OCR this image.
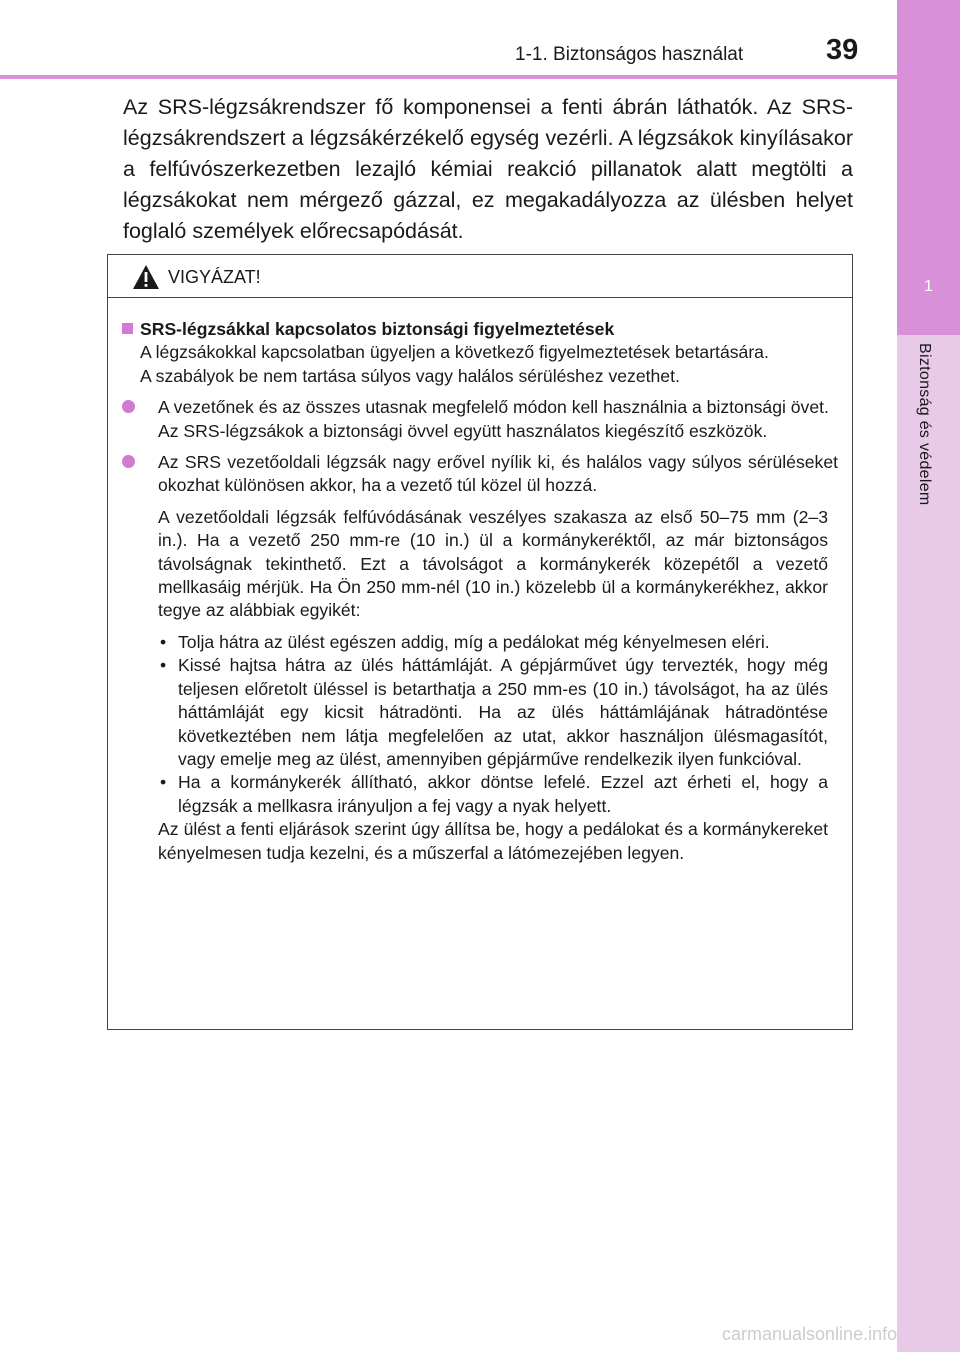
1
Biztonság és védelem
1-1. Biztonságos használat	39

Az SRS-légzsákrendszer fő komponensei a fenti ábrán láthatók. Az SRS-légzsákrendszert a légzsákérzékelő egység vezérli. A légzsákok kinyílásakor a felfúvószerkezetben lezajló kémiai reakció pillanatok alatt megtölti a légzsákokat nem mérgező gázzal, ez megakadályozza az ülésben helyet foglaló személyek előrecsapódását.

VIGYÁZAT!
SRS-légzsákkal kapcsolatos biztonsági figyelmeztetések

A légzsákokkal kapcsolatban ügyeljen a következő figyelmeztetések betartására.

A szabályok be nem tartása súlyos vagy halálos sérüléshez vezethet.

A vezetőnek és az összes utasnak megfelelő módon kell használnia a biztonsági övet.
Az SRS-légzsákok a biztonsági övvel együtt használatos kiegészítő eszközök.
Az SRS vezetőoldali légzsák nagy erővel nyílik ki, és halálos vagy súlyos sérüléseket okozhat különösen akkor, ha a vezető túl közel ül hozzá.

A vezetőoldali légzsák felfúvódásának veszélyes szakasza az első 50–75 mm (2–3 in.). Ha a vezető 250 mm-re (10 in.) ül a kormánykeréktől, az már biztonságos távolságnak tekinthető. Ezt a távolságot a kormánykerék közepétől a vezető mellkasáig mérjük. Ha Ön 250 mm-nél (10 in.) közelebb ül a kormánykerékhez, akkor tegye az alábbiak egyikét:

• Tolja hátra az ülést egészen addig, míg a pedálokat még kényelmesen eléri.
• Kissé hajtsa hátra az ülés háttámláját. A gépjárművet úgy tervezték, hogy még teljesen előretolt üléssel is betarthatja a 250 mm-es (10 in.) távolságot, ha az ülés háttámláját egy kicsit hátradönti. Ha az ülés háttámlájának hátradöntése következtében nem látja megfelelően az utat, akkor használjon ülésmagasítót, vagy emelje meg az ülést, amennyiben gépjárműve rendelkezik ilyen funkcióval.
• Ha a kormánykerék állítható, akkor döntse lefelé. Ezzel azt érheti el, hogy a légzsák a mellkasra irányuljon a fej vagy a nyak helyett.

Az ülést a fenti eljárások szerint úgy állítsa be, hogy a pedálokat és a kormánykereket kényelmesen tudja kezelni, és a műszerfal a látómezejében legyen.

carmanualsonline.info
